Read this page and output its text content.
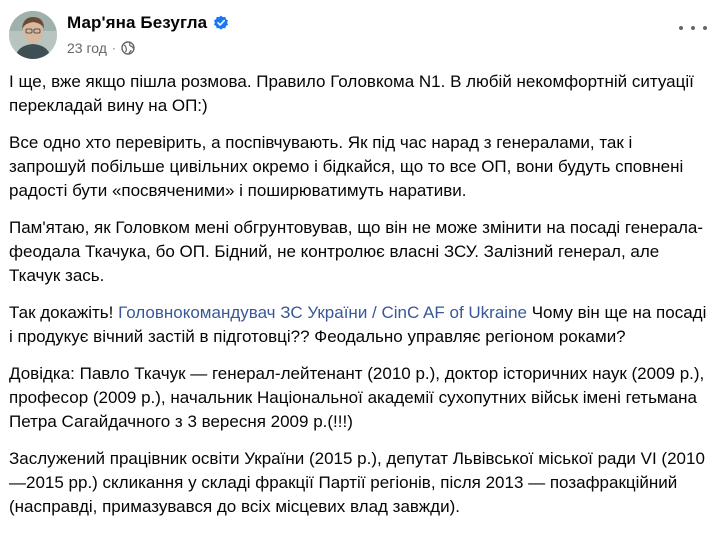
Мар'яна Безугла
23 год ·

І ще, вже якщо пішла розмова. Правило Головкома N1. В любій некомфортній ситуації перекладай вину на ОП:)

Все одно хто перевірить, а поспівчувають. Як під час нарад з генералами, так і запрошуй побільше цивільних окремо і бідкайся, що то все ОП, вони будуть сповнені радості бути «посвяченими» і поширюватимуть наративи.

Пам'ятаю, як Головком мені обгрунтовував, що він не може змінити на посаді генерала-феодала Ткачука, бо ОП. Бідний, не контролює власні ЗСУ. Залізний генерал, але Ткачук зась.

Так докажіть! Головнокомандувач ЗС України / CinC AF of Ukraine Чому він ще на посаді і продукує вічний застій в підготовці?? Феодально управляє регіоном роками?

Довідка: Павло Ткачук — генерал-лейтенант (2010 р.), доктор історичних наук (2009 р.), професор (2009 р.), начальник Національної академії сухопутних військ імені гетьмана Петра Сагайдачного з 3 вересня 2009 р.(!!!)

Заслужений працівник освіти України (2015 р.), депутат Львівської міської ради VI (2010—2015 рр.) скликання у складі фракції Партії регіонів, після 2013 — позафракційний (насправді, примазувався до всіх місцевих влад завжди).
